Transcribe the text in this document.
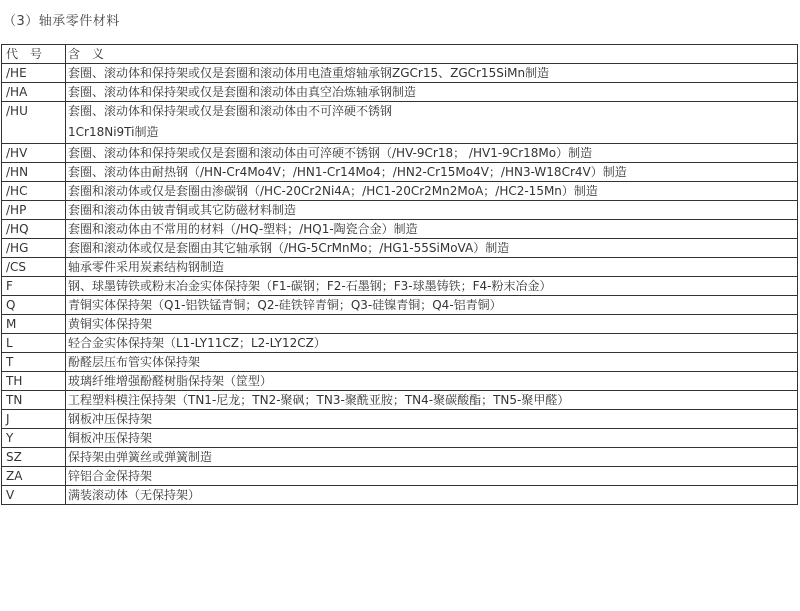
（3）轴承零件材料
代　号	含　义
/HE	套圈、滚动体和保持架或仅是套圈和滚动体用电渣重熔轴承钢ZGCr15、ZGCr15SiMn制造

/HA	套圈、滚动体和保持架或仅是套圈和滚动体由真空冶炼轴承钢制造

/HU	套圈、滚动体和保持架或仅是套圈和滚动体由不可淬硬不锈钢
1Cr18Ni9Ti制造

/HV	套圈、滚动体和保持架或仅是套圈和滚动体由可淬硬不锈钢（/HV-9Cr18； /HV1-9Cr18Mo）制造

/HN	套圈、滚动体由耐热钢（/HN-Cr4Mo4V；/HN1-Cr14Mo4；/HN2-Cr15Mo4V；/HN3-W18Cr4V）制造

/HC	套圈和滚动体或仅是套圈由渗碳钢（/HC-20Cr2Ni4A；/HC1-20Cr2Mn2MoA；/HC2-15Mn）制造

/HP	套圈和滚动体由铍青铜或其它防磁材料制造

/HQ	套圈和滚动体由不常用的材料（/HQ-塑料；/HQ1-陶瓷合金）制造

/HG	套圈和滚动体或仅是套圈由其它轴承钢（/HG-5CrMnMo；/HG1-55SiMoVA）制造

/CS	轴承零件采用炭素结构钢制造

F	钢、球墨铸铁或粉末冶金实体保持架（F1-碳钢；F2-石墨钢；F3-球墨铸铁；F4-粉末冶金）

Q	青铜实体保持架（Q1-铝铁锰青铜；Q2-硅铁锌青铜；Q3-硅镍青铜；Q4-铝青铜）

M	黄铜实体保持架

L	轻合金实体保持架（L1-LY11CZ；L2-LY12CZ）

T	酚醛层压布管实体保持架

TH	玻璃纤维增强酚醛树脂保持架（筐型）

TN	工程塑料模注保持架（TN1-尼龙；TN2-聚砜；TN3-聚酰亚胺；TN4-聚碳酸酯；TN5-聚甲醛）

J	钢板冲压保持架

Y	铜板冲压保持架

SZ	保持架由弹簧丝或弹簧制造

ZA	锌铝合金保持架

V	满装滚动体（无保持架）
